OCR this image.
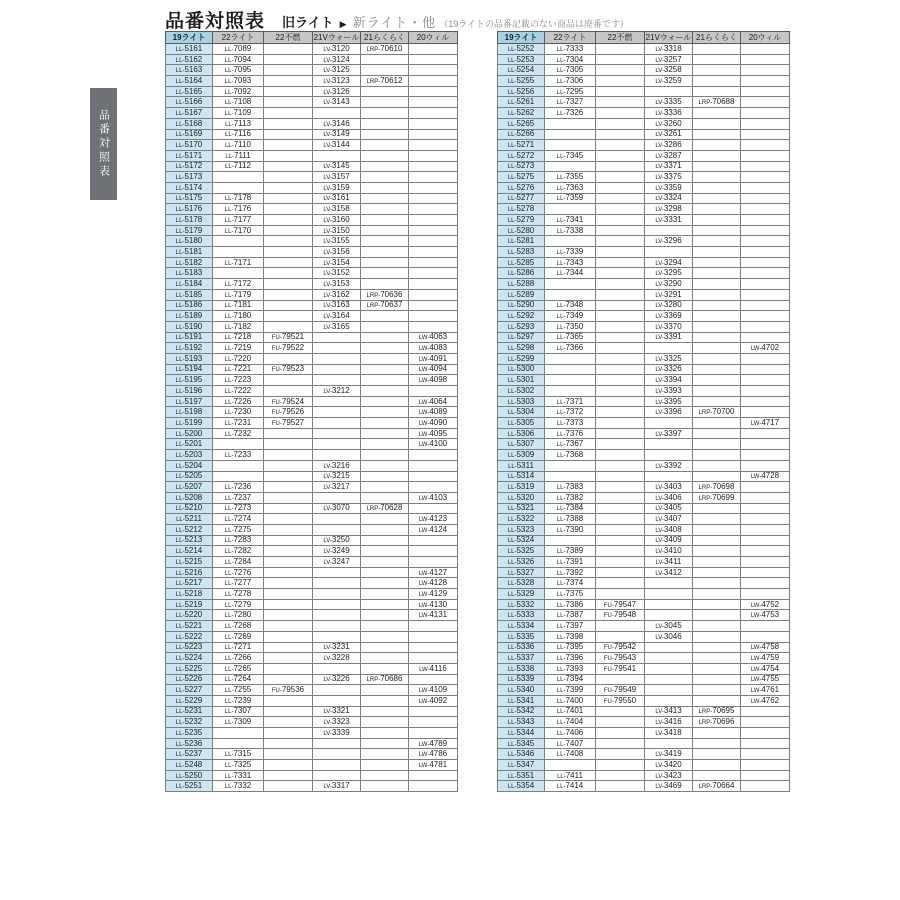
品番対照表
品番対照表 旧ライト ▶ 新ライト・他 （19ライトの品番記載のない商品は廃番です）
19ライト	22ライト	22不燃	21Vウォール	21らくらく	20ウィル
LL-5161	LL-7089		LV-3120	LRP-70610	
LL-5162	LL-7094		LV-3124		
LL-5163	LL-7095		LV-3125		
LL-5164	LL-7093		LV-3123	LRP-70612	
LL-5165	LL-7092		LV-3126		
LL-5166	LL-7108		LV-3143		
LL-5167	LL-7109				
LL-5168	LL-7113		LV-3146		
LL-5169	LL-7116		LV-3149		
LL-5170	LL-7110		LV-3144		
LL-5171	LL-7111				
LL-5172	LL-7112		LV-3145		
LL-5173			LV-3157		
LL-5174			LV-3159		
LL-5175	LL-7178		LV-3161		
LL-5176	LL-7176		LV-3158		
LL-5178	LL-7177		LV-3160		
LL-5179	LL-7170		LV-3150		
LL-5180			LV-3155		
LL-5181			LV-3156		
LL-5182	LL-7171		LV-3154		
LL-5183			LV-3152		
LL-5184	LL-7172		LV-3153		
LL-5185	LL-7179		LV-3162	LRP-70636	
LL-5186	LL-7181		LV-3163	LRP-70637	
LL-5189	LL-7180		LV-3164		
LL-5190	LL-7182		LV-3165		
LL-5191	LL-7218	FU-79521			LW-4063
LL-5192	LL-7219	FU-79522			LW-4083
LL-5193	LL-7220				LW-4091
LL-5194	LL-7221	FU-79523			LW-4094
LL-5195	LL-7223				LW-4098
LL-5196	LL-7222		LV-3212		
LL-5197	LL-7226	FU-79524			LW-4064
LL-5198	LL-7230	FU-79526			LW-4089
LL-5199	LL-7231	FU-79527			LW-4090
LL-5200	LL-7232				LW-4095
LL-5201					LW-4100
LL-5203	LL-7233				
LL-5204			LV-3216		
LL-5205			LV-3215		
LL-5207	LL-7236		LV-3217		
LL-5208	LL-7237				LW-4103
LL-5210	LL-7273		LV-3070	LRP-70628	
LL-5211	LL-7274				LW-4123
LL-5212	LL-7275				LW-4124
LL-5213	LL-7283		LV-3250		
LL-5214	LL-7282		LV-3249		
LL-5215	LL-7284		LV-3247		
LL-5216	LL-7276				LW-4127
LL-5217	LL-7277				LW-4128
LL-5218	LL-7278				LW-4129
LL-5219	LL-7279				LW-4130
LL-5220	LL-7280				LW-4131
LL-5221	LL-7268				
LL-5222	LL-7269				
LL-5223	LL-7271		LV-3231		
LL-5224	LL-7266		LV-3228		
LL-5225	LL-7265				LW-4116
LL-5226	LL-7264		LV-3226	LRP-70686	
LL-5227	LL-7255	FU-79536			LW-4109
LL-5229	LL-7239				LW-4092
LL-5231	LL-7307		LV-3321		
LL-5232	LL-7309		LV-3323		
LL-5235			LV-3339		
LL-5236					LW-4789
LL-5237	LL-7315				LW-4786
LL-5248	LL-7325				LW-4781
LL-5250	LL-7331				
LL-5251	LL-7332		LV-3317		
19ライト	22ライト	22不燃	21Vウォール	21らくらく	20ウィル
LL-5252	LL-7333		LV-3318		
LL-5253	LL-7304		LV-3257		
LL-5254	LL-7305		LV-3258		
LL-5255	LL-7306		LV-3259		
LL-5256	LL-7295				
LL-5261	LL-7327		LV-3335	LRP-70688	
LL-5262	LL-7326		LV-3336		
LL-5265			LV-3260		
LL-5266			LV-3261		
LL-5271			LV-3286		
LL-5272	LL-7345		LV-3287		
LL-5273			LV-3371		
LL-5275	LL-7355		LV-3375		
LL-5276	LL-7363		LV-3359		
LL-5277	LL-7359		LV-3324		
LL-5278			LV-3298		
LL-5279	LL-7341		LV-3331		
LL-5280	LL-7338				
LL-5281			LV-3296		
LL-5283	LL-7339				
LL-5285	LL-7343		LV-3294		
LL-5286	LL-7344		LV-3295		
LL-5288			LV-3290		
LL-5289			LV-3291		
LL-5290	LL-7348		LV-3280		
LL-5292	LL-7349		LV-3369		
LL-5293	LL-7350		LV-3370		
LL-5297	LL-7365		LV-3391		
LL-5298	LL-7366				LW-4702
LL-5299			LV-3325		
LL-5300			LV-3326		
LL-5301			LV-3394		
LL-5302			LV-3393		
LL-5303	LL-7371		LV-3395		
LL-5304	LL-7372		LV-3396	LRP-70700	
LL-5305	LL-7373				LW-4717
LL-5306	LL-7376		LV-3397		
LL-5307	LL-7367				
LL-5309	LL-7368				
LL-5311			LV-3392		
LL-5314					LW-4728
LL-5319	LL-7383		LV-3403	LRP-70698	
LL-5320	LL-7382		LV-3406	LRP-70699	
LL-5321	LL-7384		LV-3405		
LL-5322	LL-7388		LV-3407		
LL-5323	LL-7390		LV-3408		
LL-5324			LV-3409		
LL-5325	LL-7389		LV-3410		
LL-5326	LL-7391		LV-3411		
LL-5327	LL-7392		LV-3412		
LL-5328	LL-7374				
LL-5329	LL-7375				
LL-5332	LL-7386	FU-79547			LW-4752
LL-5333	LL-7387	FU-79548			LW-4753
LL-5334	LL-7397		LV-3045		
LL-5335	LL-7398		LV-3046		
LL-5336	LL-7395	FU-79542			LW-4758
LL-5337	LL-7396	FU-79543			LW-4759
LL-5338	LL-7393	FU-79541			LW-4754
LL-5339	LL-7394				LW-4755
LL-5340	LL-7399	FU-79549			LW-4761
LL-5341	LL-7400	FU-79550			LW-4762
LL-5342	LL-7401		LV-3413	LRP-70695	
LL-5343	LL-7404		LV-3416	LRP-70696	
LL-5344	LL-7406		LV-3418		
LL-5345	LL-7407				
LL-5346	LL-7408		LV-3419		
LL-5347			LV-3420		
LL-5351	LL-7411		LV-3423		
LL-5354	LL-7414		LV-3469	LRP-70664	
